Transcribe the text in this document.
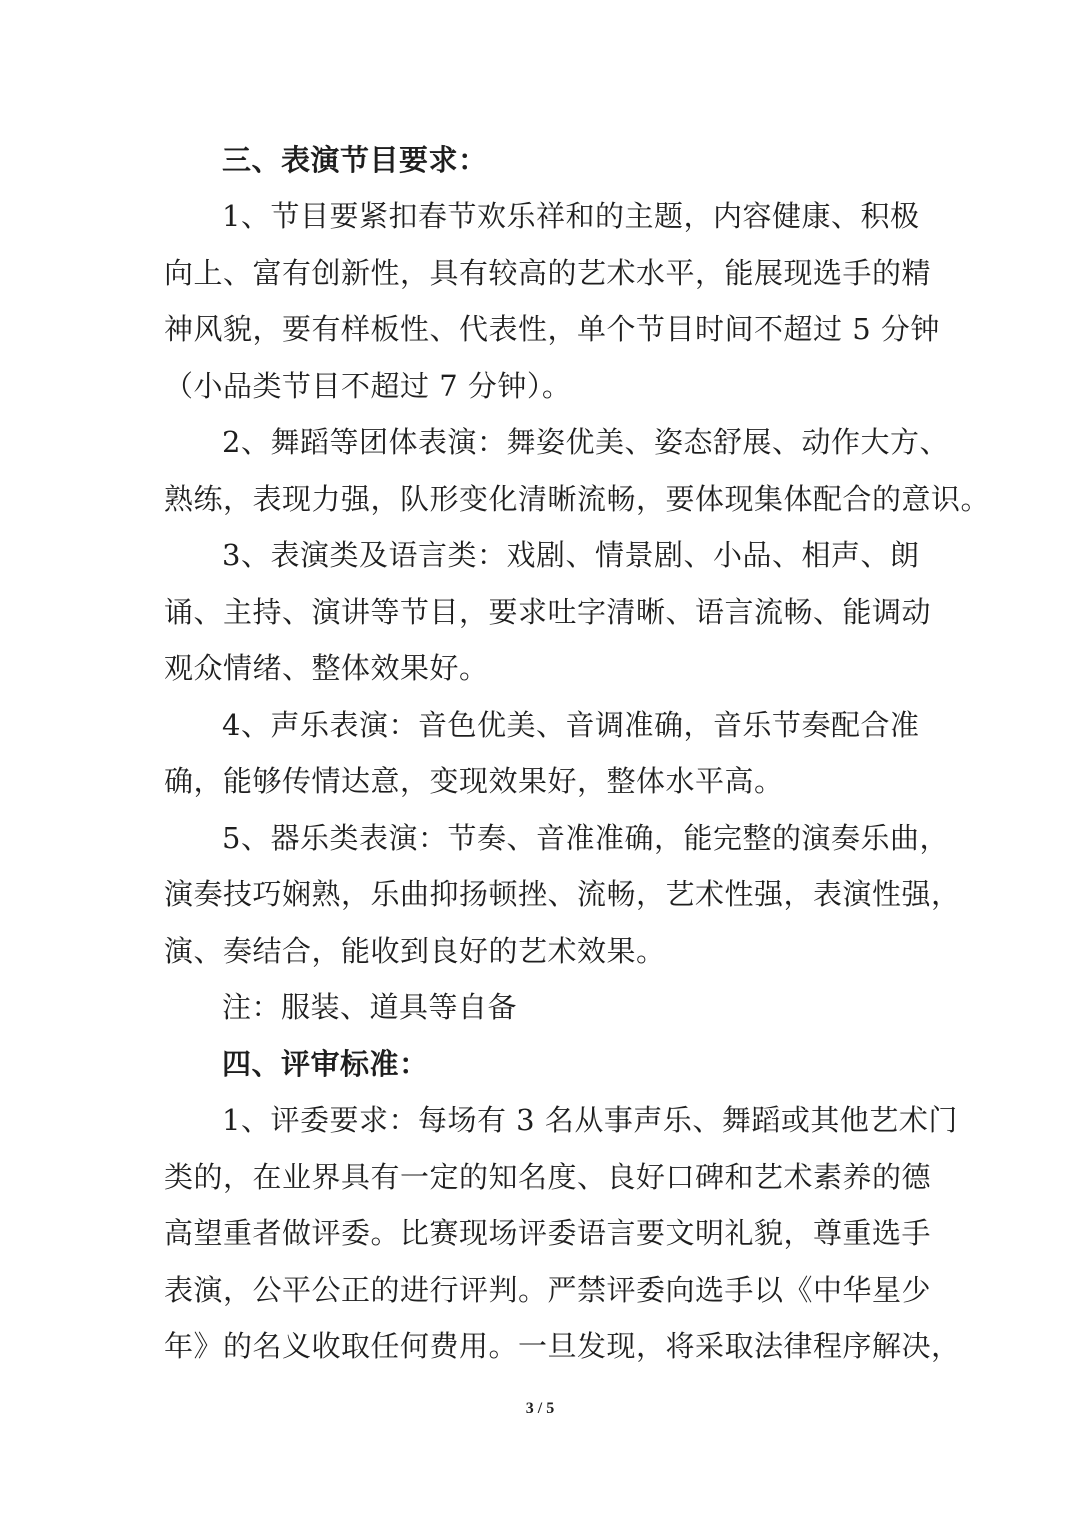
三、表演节目要求：
1、节目要紧扣春节欢乐祥和的主题，内容健康、积极
向上、富有创新性，具有较高的艺术水平，能展现选手的精
神风貌，要有样板性、代表性，单个节目时间不超过 5 分钟
（小品类节目不超过 7 分钟）。
2、舞蹈等团体表演：舞姿优美、姿态舒展、动作大方、
熟练，表现力强，队形变化清晰流畅，要体现集体配合的意识。
3、表演类及语言类：戏剧、情景剧、小品、相声、朗
诵、主持、演讲等节目，要求吐字清晰、语言流畅、能调动
观众情绪、整体效果好。
4、声乐表演：音色优美、音调准确，音乐节奏配合准
确，能够传情达意，变现效果好，整体水平高。
5、器乐类表演：节奏、音准准确，能完整的演奏乐曲，
演奏技巧娴熟，乐曲抑扬顿挫、流畅，艺术性强，表演性强，
演、奏结合，能收到良好的艺术效果。
注：服装、道具等自备
四、评审标准：
1、评委要求：每场有 3 名从事声乐、舞蹈或其他艺术门
类的，在业界具有一定的知名度、良好口碑和艺术素养的德
高望重者做评委。比赛现场评委语言要文明礼貌，尊重选手
表演，公平公正的进行评判。严禁评委向选手以《中华星少
年》的名义收取任何费用。一旦发现，将采取法律程序解决，
3 / 5
